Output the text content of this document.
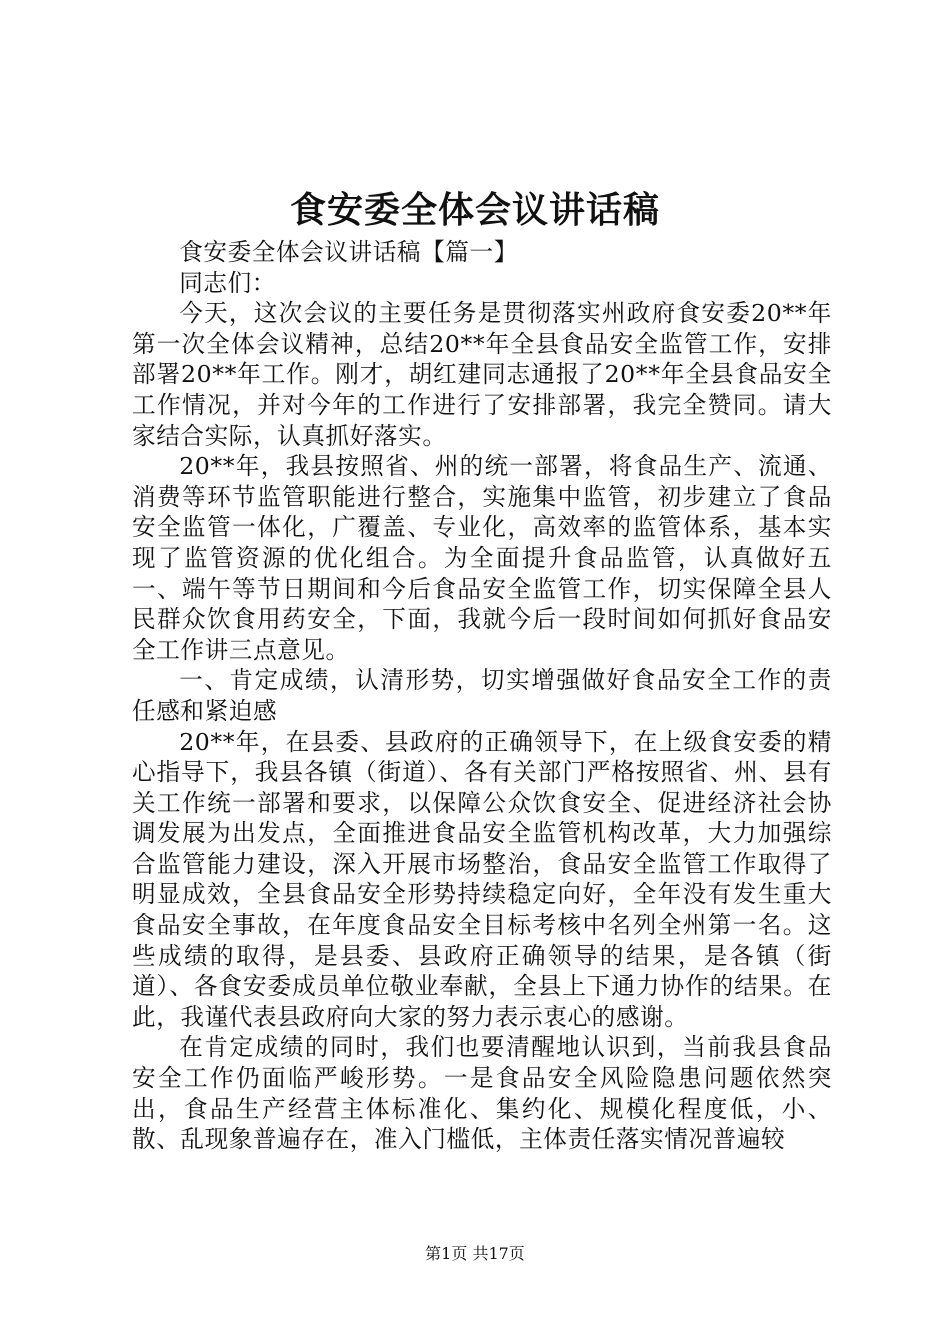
食安委全体会议讲话稿

食安委全体会议讲话稿【篇一】

同志们：

今天，这次会议的主要任务是贯彻落实州政府食安委20**年第一次全体会议精神，总结20**年全县食品安全监管工作，安排部署20**年工作。刚才，胡红建同志通报了20**年全县食品安全工作情况，并对今年的工作进行了安排部署，我完全赞同。请大家结合实际，认真抓好落实。

20**年，我县按照省、州的统一部署，将食品生产、流通、消费等环节监管职能进行整合，实施集中监管，初步建立了食品安全监管一体化，广覆盖、专业化，高效率的监管体系，基本实现了监管资源的优化组合。为全面提升食品监管，认真做好五一、端午等节日期间和今后食品安全监管工作，切实保障全县人民群众饮食用药安全，下面，我就今后一段时间如何抓好食品安全工作讲三点意见。

一、肯定成绩，认清形势，切实增强做好食品安全工作的责任感和紧迫感

20**年，在县委、县政府的正确领导下，在上级食安委的精心指导下，我县各镇（街道）、各有关部门严格按照省、州、县有关工作统一部署和要求，以保障公众饮食安全、促进经济社会协调发展为出发点，全面推进食品安全监管机构改革，大力加强综合监管能力建设，深入开展市场整治，食品安全监管工作取得了明显成效，全县食品安全形势持续稳定向好，全年没有发生重大食品安全事故，在年度食品安全目标考核中名列全州第一名。这些成绩的取得，是县委、县政府正确领导的结果，是各镇（街道）、各食安委成员单位敬业奉献，全县上下通力协作的结果。在此，我谨代表县政府向大家的努力表示衷心的感谢。

在肯定成绩的同时，我们也要清醒地认识到，当前我县食品安全工作仍面临严峻形势。一是食品安全风险隐患问题依然突出，食品生产经营主体标准化、集约化、规模化程度低，小、散、乱现象普遍存在，准入门槛低，主体责任落实情况普遍较

第1页 共17页
